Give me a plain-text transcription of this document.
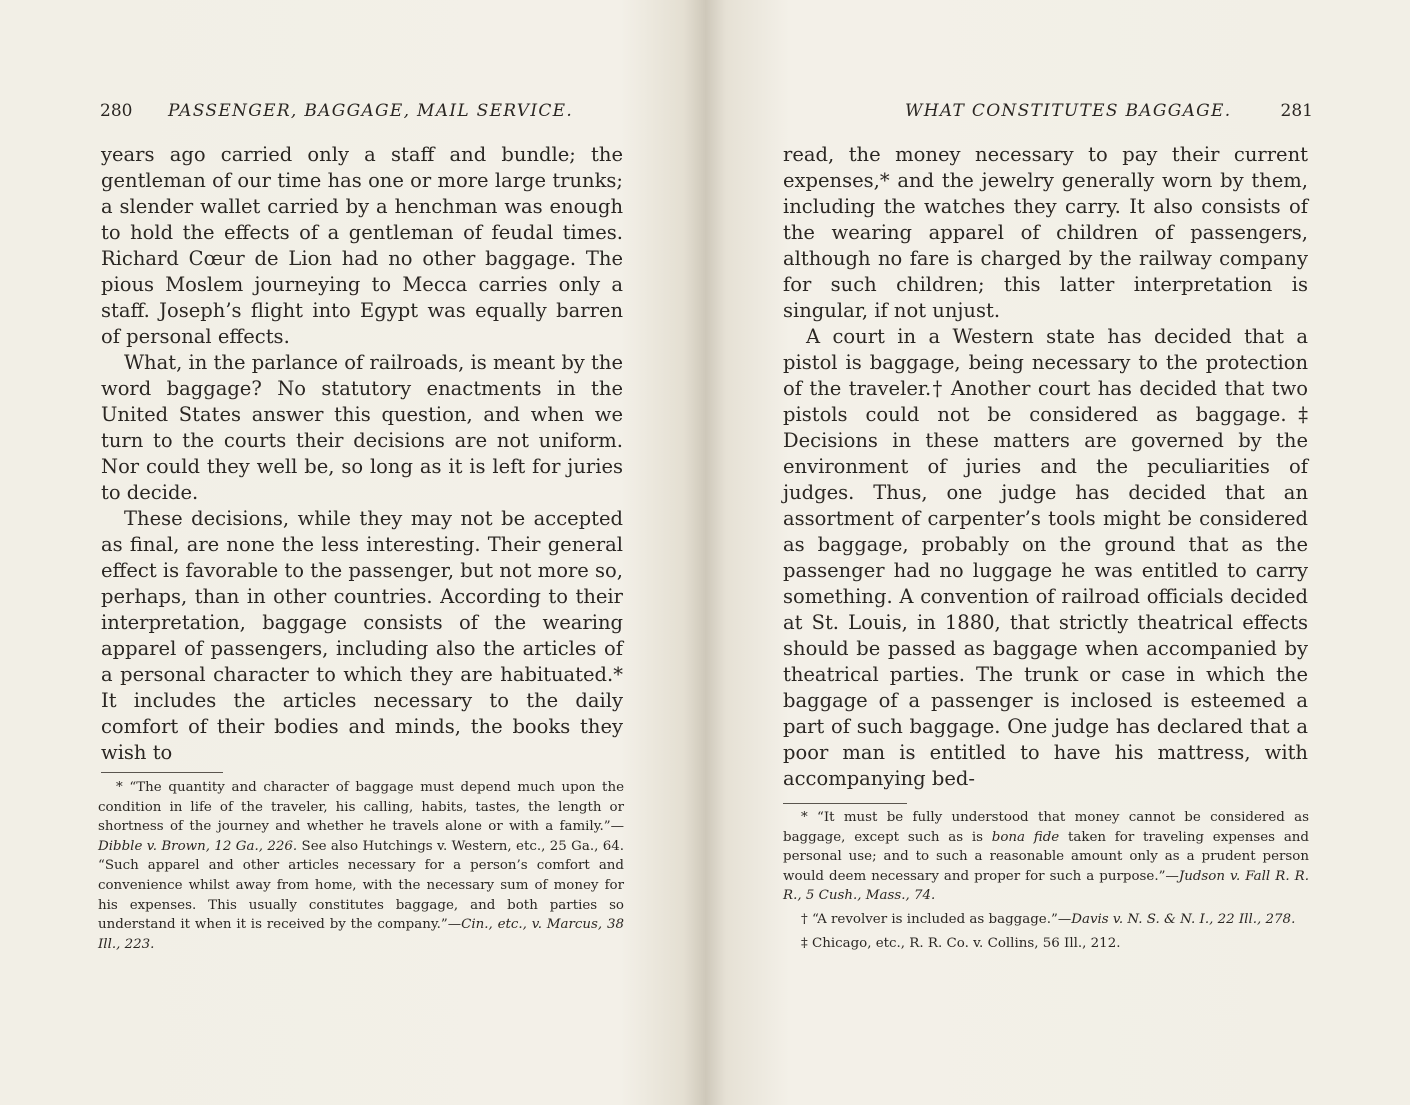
280 PASSENGER, BAGGAGE, MAIL SERVICE.

years ago carried only a staff and bundle; the gentleman of our time has one or more large trunks; a slender wallet carried by a henchman was enough to hold the effects of a gentleman of feudal times. Richard Cœur de Lion had no other baggage. The pious Moslem journeying to Mecca carries only a staff. Joseph’s flight into Egypt was equally barren of personal effects.

What, in the parlance of railroads, is meant by the word baggage? No statutory enactments in the United States answer this question, and when we turn to the courts their decisions are not uniform. Nor could they well be, so long as it is left for juries to decide.

These decisions, while they may not be accepted as final, are none the less interesting. Their general effect is favorable to the passenger, but not more so, perhaps, than in other countries. According to their interpretation, baggage consists of the wearing apparel of passengers, including also the articles of a personal character to which they are habituated.* It includes the articles necessary to the daily comfort of their bodies and minds, the books they wish to

* “The quantity and character of baggage must depend much upon the condition in life of the traveler, his calling, habits, tastes, the length or shortness of the journey and whether he travels alone or with a family.”—Dibble v. Brown, 12 Ga., 226. See also Hutchings v. Western, etc., 25 Ga., 64. “Such apparel and other articles necessary for a person’s comfort and convenience whilst away from home, with the necessary sum of money for his expenses. This usually constitutes baggage, and both parties so understand it when it is received by the company.”—Cin., etc., v. Marcus, 38 Ill., 223.

WHAT CONSTITUTES BAGGAGE.	281

read, the money necessary to pay their current expenses,* and the jewelry generally worn by them, including the watches they carry. It also consists of the wearing apparel of children of passengers, although no fare is charged by the railway company for such children; this latter interpretation is singular, if not unjust.

A court in a Western state has decided that a pistol is baggage, being necessary to the protection of the traveler.† Another court has decided that two pistols could not be considered as baggage.‡ Decisions in these matters are governed by the environment of juries and the peculiarities of judges. Thus, one judge has decided that an assortment of carpenter’s tools might be considered as baggage, probably on the ground that as the passenger had no luggage he was entitled to carry something. A convention of railroad officials decided at St. Louis, in 1880, that strictly theatrical effects should be passed as baggage when accompanied by theatrical parties. The trunk or case in which the baggage of a passenger is inclosed is esteemed a part of such baggage. One judge has declared that a poor man is entitled to have his mattress, with accompanying bed-

* “It must be fully understood that money cannot be considered as baggage, except such as is bona fide taken for traveling expenses and personal use; and to such a reasonable amount only as a prudent person would deem necessary and proper for such a purpose.”—Judson v. Fall R. R. R., 5 Cush., Mass., 74.

† “A revolver is included as baggage.”—Davis v. N. S. & N. I., 22 Ill., 278.

‡ Chicago, etc., R. R. Co. v. Collins, 56 Ill., 212.
